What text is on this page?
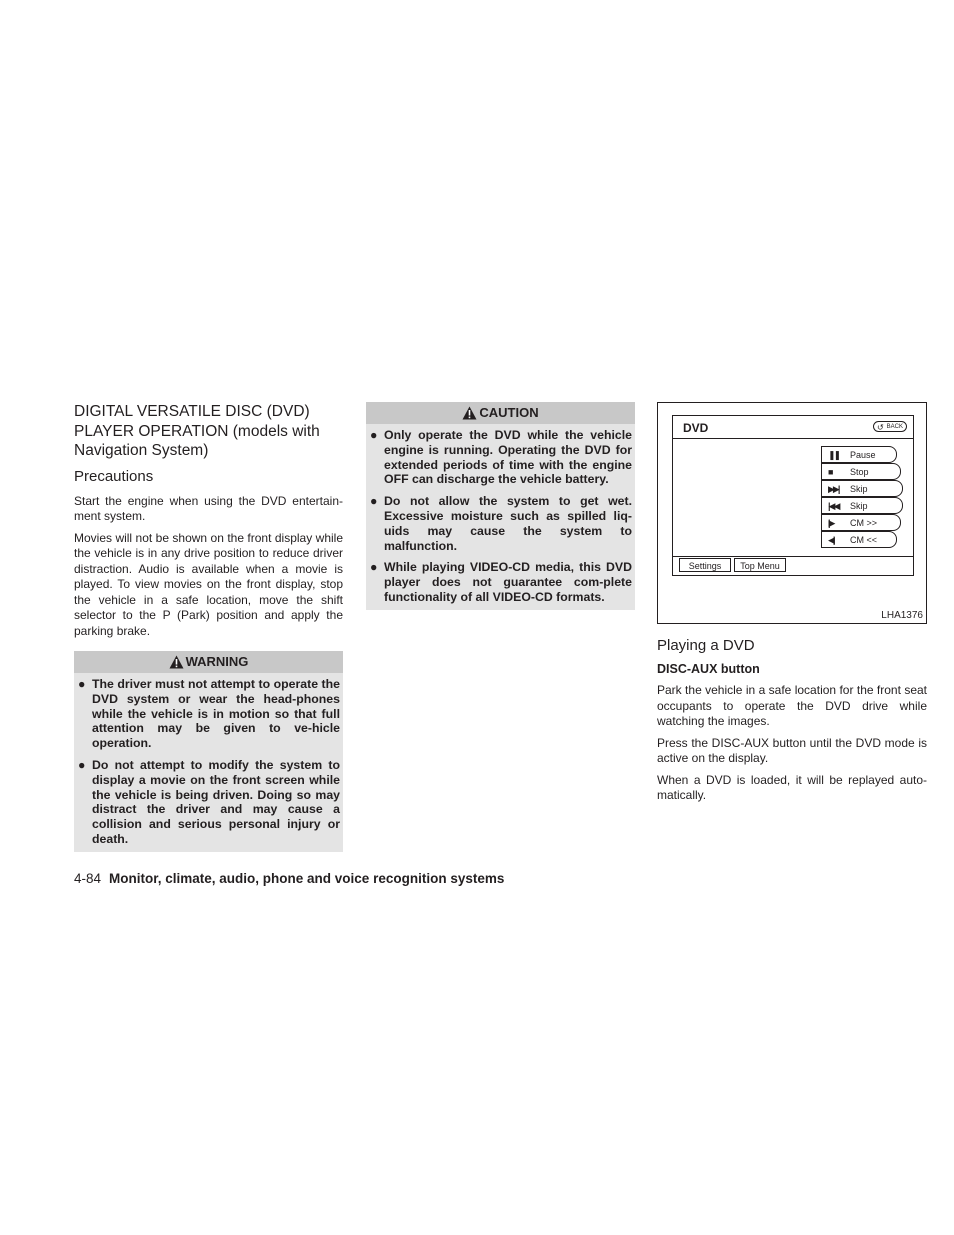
DIGITAL VERSATILE DISC (DVD) PLAYER OPERATION (models with Navigation System)
Precautions

Start the engine when using the DVD entertain-ment system.

Movies will not be shown on the front display while the vehicle is in any drive position to reduce driver distraction. Audio is available when a movie is played. To view movies on the front display, stop the vehicle in a safe location, move the shift selector to the P (Park) position and apply the parking brake.

WARNING
● The driver must not attempt to operate the DVD system or wear the head-phones while the vehicle is in motion so that full attention may be given to ve-hicle operation.
● Do not attempt to modify the system to display a movie on the front screen while the vehicle is being driven. Doing so may distract the driver and may cause a collision and serious personal injury or death.
CAUTION
● Only operate the DVD while the vehicle engine is running. Operating the DVD for extended periods of time with the engine OFF can discharge the vehicle battery.
● Do not allow the system to get wet. Excessive moisture such as spilled liq-uids may cause the system to malfunction.
● While playing VIDEO-CD media, this DVD player does not guarantee com-plete functionality of all VIDEO-CD formats.
DVD	↺ BACK
❚❚ Pause
■ Stop
▶▶| Skip
|◀◀ Skip
|▶ CM >>
◀| CM <<
Settings	Top Menu
LHA1376
Playing a DVD
DISC-AUX button

Park the vehicle in a safe location for the front seat occupants to operate the DVD drive while watching the images.

Press the DISC-AUX button until the DVD mode is active on the display.

When a DVD is loaded, it will be replayed auto-matically.

4-84 Monitor, climate, audio, phone and voice recognition systems
